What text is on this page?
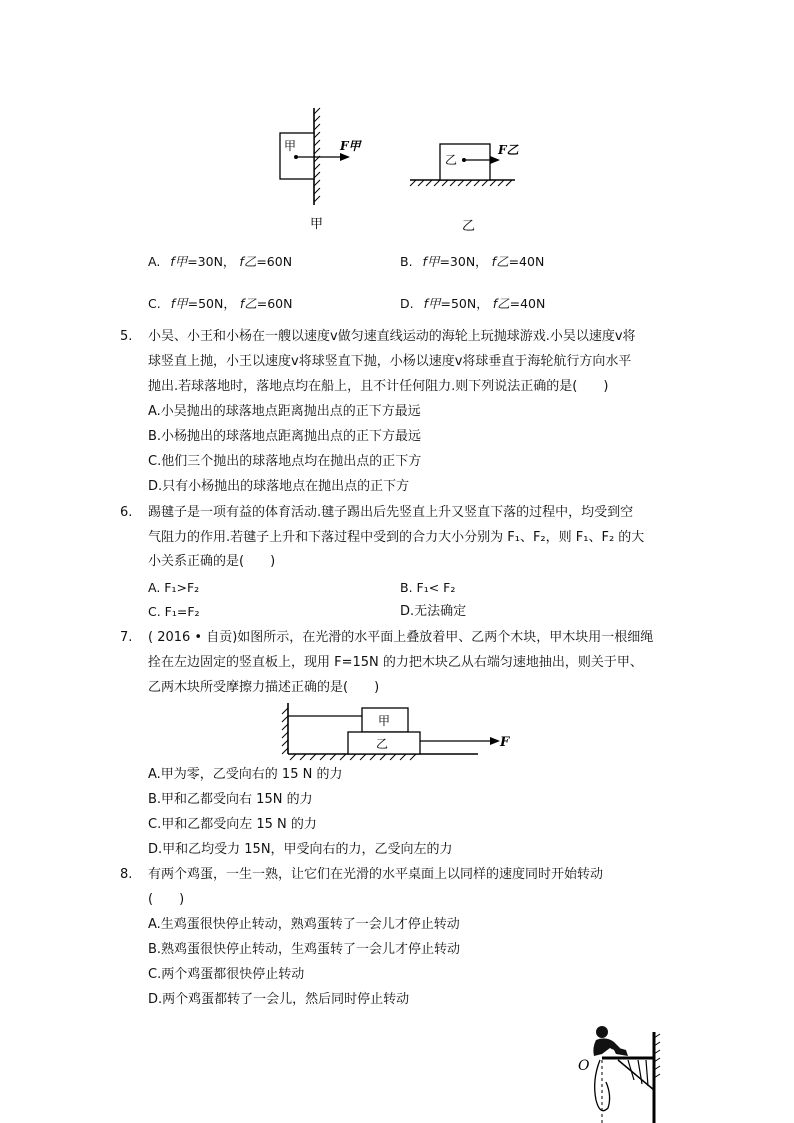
甲	F甲
甲
乙
F乙
乙
A. f甲=30N， f乙=60N	B. f甲=30N， f乙=40N
C. f甲=50N， f乙=60N	D. f甲=50N， f乙=40N
5. 小吴、小王和小杨在一艘以速度v做匀速直线运动的海轮上玩抛球游戏.小吴以速度v将
球竖直上抛，小王以速度v将球竖直下抛，小杨以速度v将球垂直于海轮航行方向水平
抛出.若球落地时，落地点均在船上，且不计任何阻力.则下列说法正确的是(　　)
A.小吴抛出的球落地点距离抛出点的正下方最远
B.小杨抛出的球落地点距离抛出点的正下方最远
C.他们三个抛出的球落地点均在抛出点的正下方
D.只有小杨抛出的球落地点在抛出点的正下方
6. 踢毽子是一项有益的体育活动.毽子踢出后先竖直上升又竖直下落的过程中，均受到空
气阻力的作用.若毽子上升和下落过程中受到的合力大小分别为 F₁、F₂，则 F₁、F₂ 的大
小关系正确的是(　　)
A. F₁>F₂	B. F₁< F₂
C. F₁=F₂	D.无法确定
7. ( 2016 • 自贡)如图所示，在光滑的水平面上叠放着甲、乙两个木块，甲木块用一根细绳
拴在左边固定的竖直板上，现用 F=15N 的力把木块乙从右端匀速地抽出，则关于甲、
乙两木块所受摩擦力描述正确的是(　　)
甲
乙	F
A.甲为零，乙受向右的 15 N 的力
B.甲和乙都受向右 15N 的力
C.甲和乙都受向左 15 N 的力
D.甲和乙均受力 15N，甲受向右的力，乙受向左的力
8. 有两个鸡蛋，一生一熟，让它们在光滑的水平桌面上以同样的速度同时开始转动
(　　)
A.生鸡蛋很快停止转动，熟鸡蛋转了一会儿才停止转动
B.熟鸡蛋很快停止转动，生鸡蛋转了一会儿才停止转动
C.两个鸡蛋都很快停止转动
D.两个鸡蛋都转了一会儿，然后同时停止转动
O
